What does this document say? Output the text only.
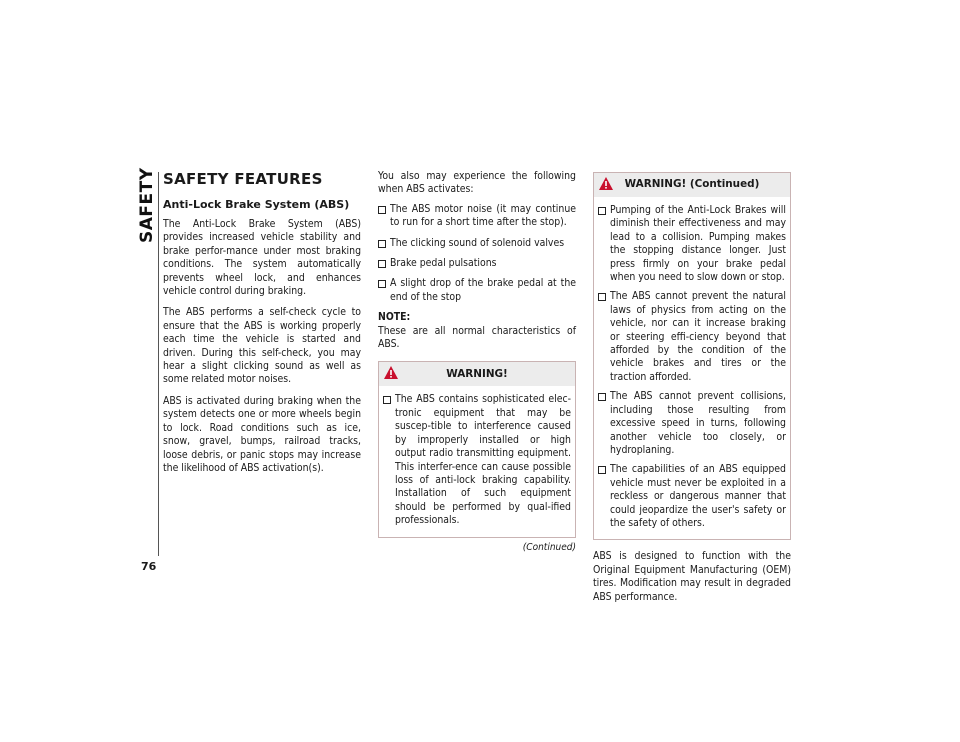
SAFETY
76
SAFETY FEATURES
Anti-Lock Brake System (ABS)

The Anti-Lock Brake System (ABS) provides increased vehicle stability and brake perfor-mance under most braking conditions. The system automatically prevents wheel lock, and enhances vehicle control during braking.

The ABS performs a self-check cycle to ensure that the ABS is working properly each time the vehicle is started and driven. During this self-check, you may hear a slight clicking sound as well as some related motor noises.

ABS is activated during braking when the system detects one or more wheels begin to lock. Road conditions such as ice, snow, gravel, bumps, railroad tracks, loose debris, or panic stops may increase the likelihood of ABS activation(s).

You also may experience the following when ABS activates:

The ABS motor noise (it may continue to run for a short time after the stop).
The clicking sound of solenoid valves
Brake pedal pulsations
A slight drop of the brake pedal at the end of the stop

NOTE:

These are all normal characteristics of ABS.

WARNING!
The ABS contains sophisticated elec-tronic equipment that may be suscep-tible to interference caused by improperly installed or high output radio transmitting equipment. This interfer-ence can cause possible loss of anti-lock braking capability. Installation of such equipment should be performed by qual-ified professionals.
(Continued)
WARNING! (Continued)
Pumping of the Anti-Lock Brakes will diminish their effectiveness and may lead to a collision. Pumping makes the stopping distance longer. Just press firmly on your brake pedal when you need to slow down or stop.
The ABS cannot prevent the natural laws of physics from acting on the vehicle, nor can it increase braking or steering effi-ciency beyond that afforded by the condition of the vehicle brakes and tires or the traction afforded.
The ABS cannot prevent collisions, including those resulting from excessive speed in turns, following another vehicle too closely, or hydroplaning.
The capabilities of an ABS equipped vehicle must never be exploited in a reckless or dangerous manner that could jeopardize the user's safety or the safety of others.

ABS is designed to function with the Original Equipment Manufacturing (OEM) tires. Modification may result in degraded ABS performance.
